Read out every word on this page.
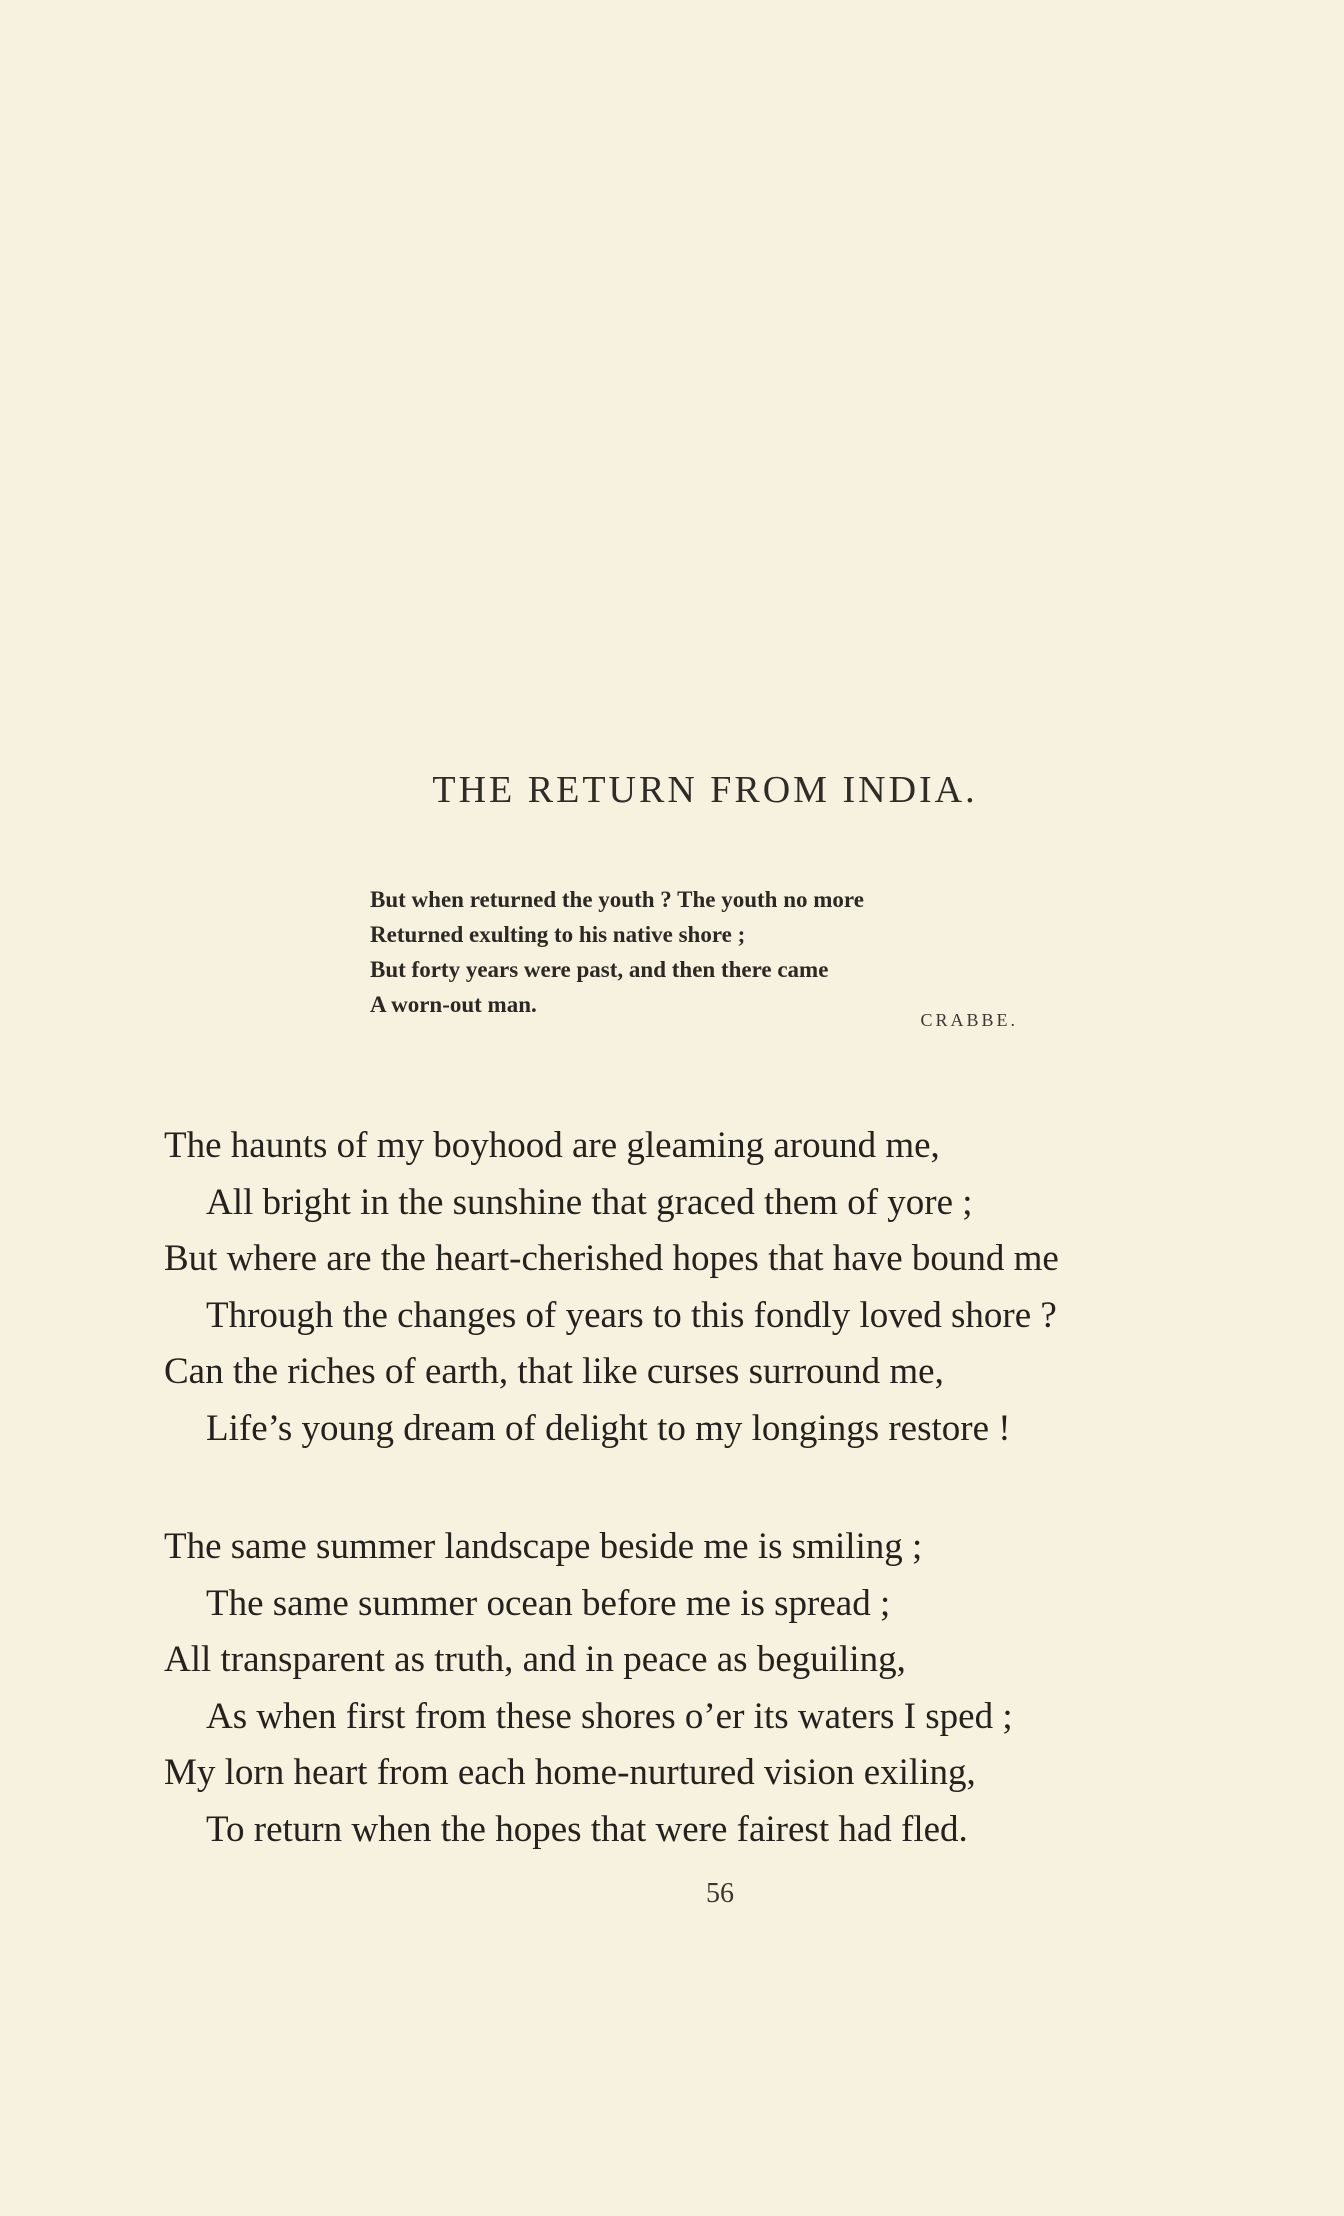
THE RETURN FROM INDIA.
But when returned the youth ? The youth no more
Returned exulting to his native shore ;
But forty years were past, and then there came
A worn-out man.
CRABBE.
The haunts of my boyhood are gleaming around me,
All bright in the sunshine that graced them of yore ;
But where are the heart-cherished hopes that have bound me
Through the changes of years to this fondly loved shore ?
Can the riches of earth, that like curses surround me,
Life’s young dream of delight to my longings restore !
The same summer landscape beside me is smiling ;
The same summer ocean before me is spread ;
All transparent as truth, and in peace as beguiling,
As when first from these shores o’er its waters I sped ;
My lorn heart from each home-nurtured vision exiling,
To return when the hopes that were fairest had fled.
56
